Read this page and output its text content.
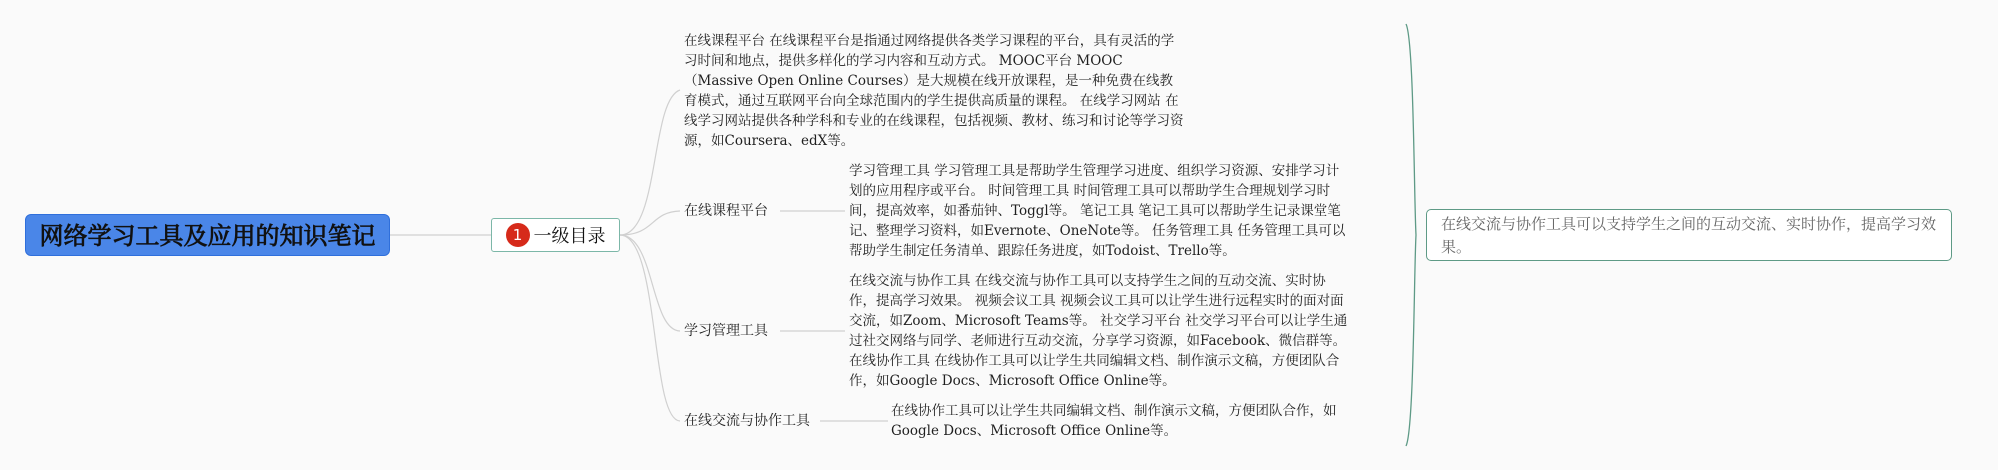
网络学习工具及应用的知识笔记	1 一级目录
在线课程平台 在线课程平台是指通过网络提供各类学习课程的平台，具有灵活的学习时间和地点，提供多样化的学习内容和互动方式。 MOOC平台 MOOC（Massive Open Online Courses）是大规模在线开放课程，是一种免费在线教育模式，通过互联网平台向全球范围内的学生提供高质量的课程。 在线学习网站 在线学习网站提供各种学科和专业的在线课程，包括视频、教材、练习和讨论等学习资源，如Coursera、edX等。
在线课程平台
学习管理工具 学习管理工具是帮助学生管理学习进度、组织学习资源、安排学习计划的应用程序或平台。 时间管理工具 时间管理工具可以帮助学生合理规划学习时间，提高效率，如番茄钟、Toggl等。 笔记工具 笔记工具可以帮助学生记录课堂笔记、整理学习资料，如Evernote、OneNote等。 任务管理工具 任务管理工具可以帮助学生制定任务清单、跟踪任务进度，如Todoist、Trello等。
学习管理工具
在线交流与协作工具 在线交流与协作工具可以支持学生之间的互动交流、实时协作，提高学习效果。 视频会议工具 视频会议工具可以让学生进行远程实时的面对面交流，如Zoom、Microsoft Teams等。 社交学习平台 社交学习平台可以让学生通过社交网络与同学、老师进行互动交流，分享学习资源，如Facebook、微信群等。 在线协作工具 在线协作工具可以让学生共同编辑文档、制作演示文稿，方便团队合作，如Google Docs、Microsoft Office Online等。
在线交流与协作工具
在线协作工具可以让学生共同编辑文档、制作演示文稿，方便团队合作，如Google Docs、Microsoft Office Online等。
在线交流与协作工具可以支持学生之间的互动交流、实时协作，提高学习效果。
